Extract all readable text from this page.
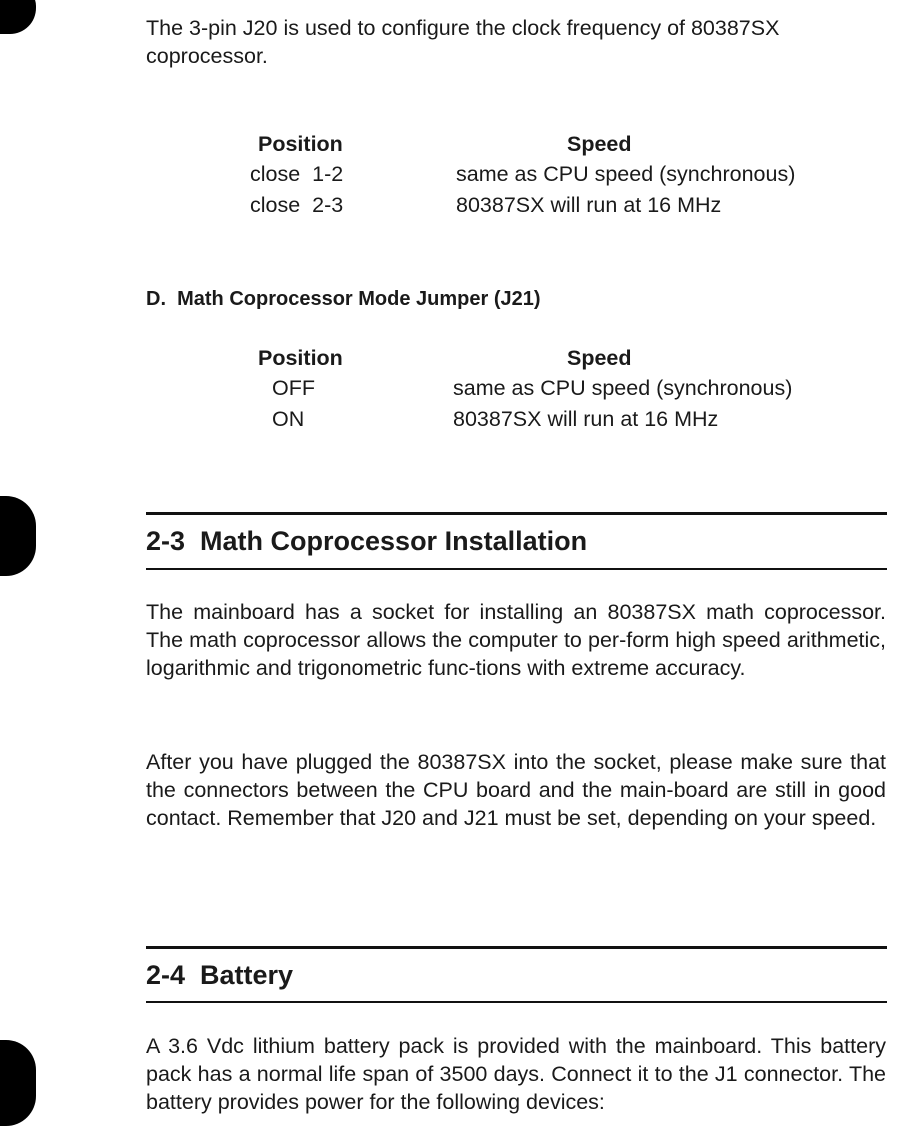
The 3-pin J20 is used to configure the clock frequency of 80387SX coprocessor.

Position	Speed
close  1-2	same as CPU speed (synchronous)
close  2-3	80387SX will run at 16 MHz
D.  Math Coprocessor Mode Jumper (J21)
Position	Speed
OFF	same as CPU speed (synchronous)
ON	80387SX will run at 16 MHz
2-3  Math Coprocessor Installation

The mainboard has a socket for installing an 80387SX math coprocessor. The math coprocessor allows the computer to per-form high speed arithmetic, logarithmic and trigonometric func-tions with extreme accuracy.

After you have plugged the 80387SX into the socket, please make sure that the connectors between the CPU board and the main-board are still in good contact. Remember that J20 and J21 must be set, depending on your speed.

2-4  Battery

A 3.6 Vdc lithium battery pack is provided with the mainboard. This battery pack has a normal life span of 3500 days. Connect it to the J1 connector. The battery provides power for the following devices:
